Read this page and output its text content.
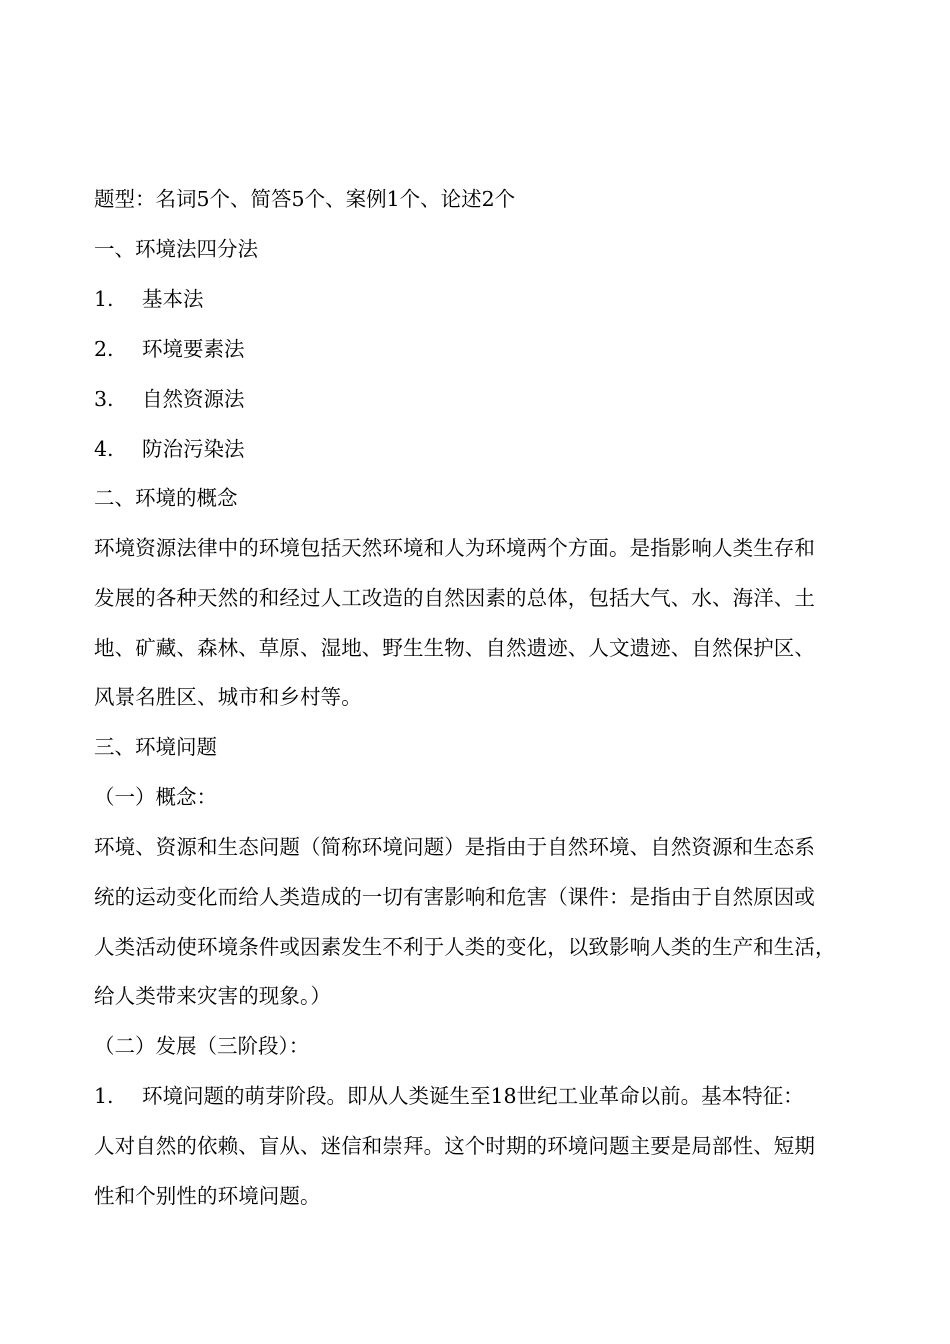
题型：名词5个、简答5个、案例1个、论述2个
一、环境法四分法
1. 基本法
2. 环境要素法
3. 自然资源法
4. 防治污染法
二、环境的概念
环境资源法律中的环境包括天然环境和人为环境两个方面。是指影响人类生存和
发展的各种天然的和经过人工改造的自然因素的总体，包括大气、水、海洋、土
地、矿藏、森林、草原、湿地、野生生物、自然遗迹、人文遗迹、自然保护区、
风景名胜区、城市和乡村等。
三、环境问题
（一）概念：
环境、资源和生态问题（简称环境问题）是指由于自然环境、自然资源和生态系
统的运动变化而给人类造成的一切有害影响和危害（课件：是指由于自然原因或
人类活动使环境条件或因素发生不利于人类的变化，以致影响人类的生产和生活，
给人类带来灾害的现象。）
（二）发展（三阶段）：
1. 环境问题的萌芽阶段。即从人类诞生至18世纪工业革命以前。基本特征：
人对自然的依赖、盲从、迷信和崇拜。这个时期的环境问题主要是局部性、短期
性和个别性的环境问题。
